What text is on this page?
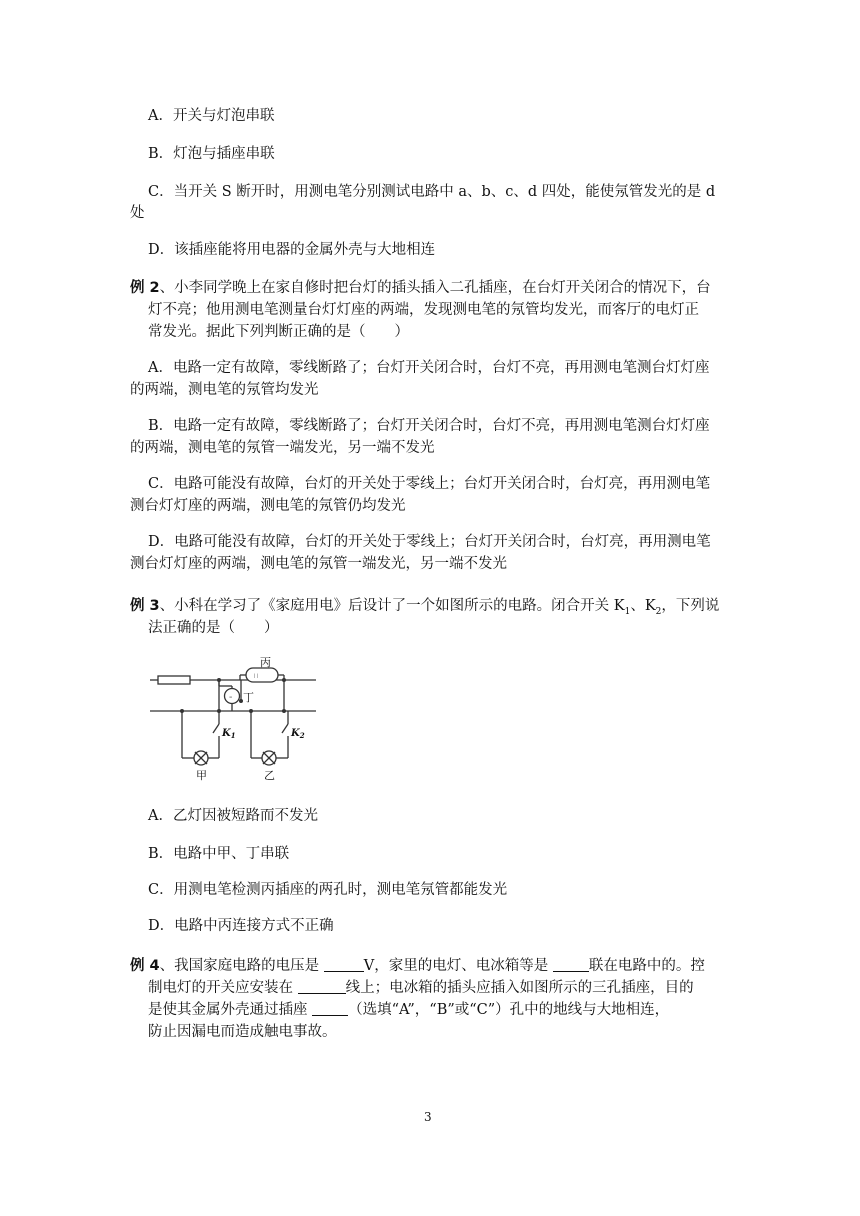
A．开关与灯泡串联
B．灯泡与插座串联
C．当开关 S 断开时，用测电笔分别测试电路中 a、b、c、d 四处，能使氖管发光的是 d
处
D．该插座能将用电器的金属外壳与大地相连
例 2、小李同学晚上在家自修时把台灯的插头插入二孔插座，在台灯开关闭合的情况下，台
灯不亮；他用测电笔测量台灯灯座的两端，发现测电笔的氖管均发光，而客厅的电灯正
常发光。据此下列判断正确的是（　　）
A．电路一定有故障，零线断路了；台灯开关闭合时，台灯不亮，再用测电笔测台灯灯座
的两端，测电笔的氖管均发光
B．电路一定有故障，零线断路了；台灯开关闭合时，台灯不亮，再用测电笔测台灯灯座
的两端，测电笔的氖管一端发光，另一端不发光
C．电路可能没有故障，台灯的开关处于零线上；台灯开关闭合时，台灯亮，再用测电笔
测台灯灯座的两端，测电笔的氖管仍均发光
D．电路可能没有故障，台灯的开关处于零线上；台灯开关闭合时，台灯亮，再用测电笔
测台灯灯座的两端，测电笔的氖管一端发光，另一端不发光
例 3、小科在学习了《家庭用电》后设计了一个如图所示的电路。闭合开关 $K_1$、$K_2$，下列说
法正确的是（　　）
| |
=
丙
丁
甲	乙
$K_1$	$K_2$
A．乙灯因被短路而不发光
B．电路中甲、丁串联
C．用测电笔检测丙插座的两孔时，测电笔氖管都能发光
D．电路中丙连接方式不正确
例 4、我国家庭电路的电压是	V，家里的电灯、电冰箱等是 联在电路中的。控
制电灯的开关应安装在	线上；电冰箱的插头应插入如图所示的三孔插座，目的
是使其金属外壳通过插座 （选填“A”，“B”或“C”）孔中的地线与大地相连，
防止因漏电而造成触电事故。
3
